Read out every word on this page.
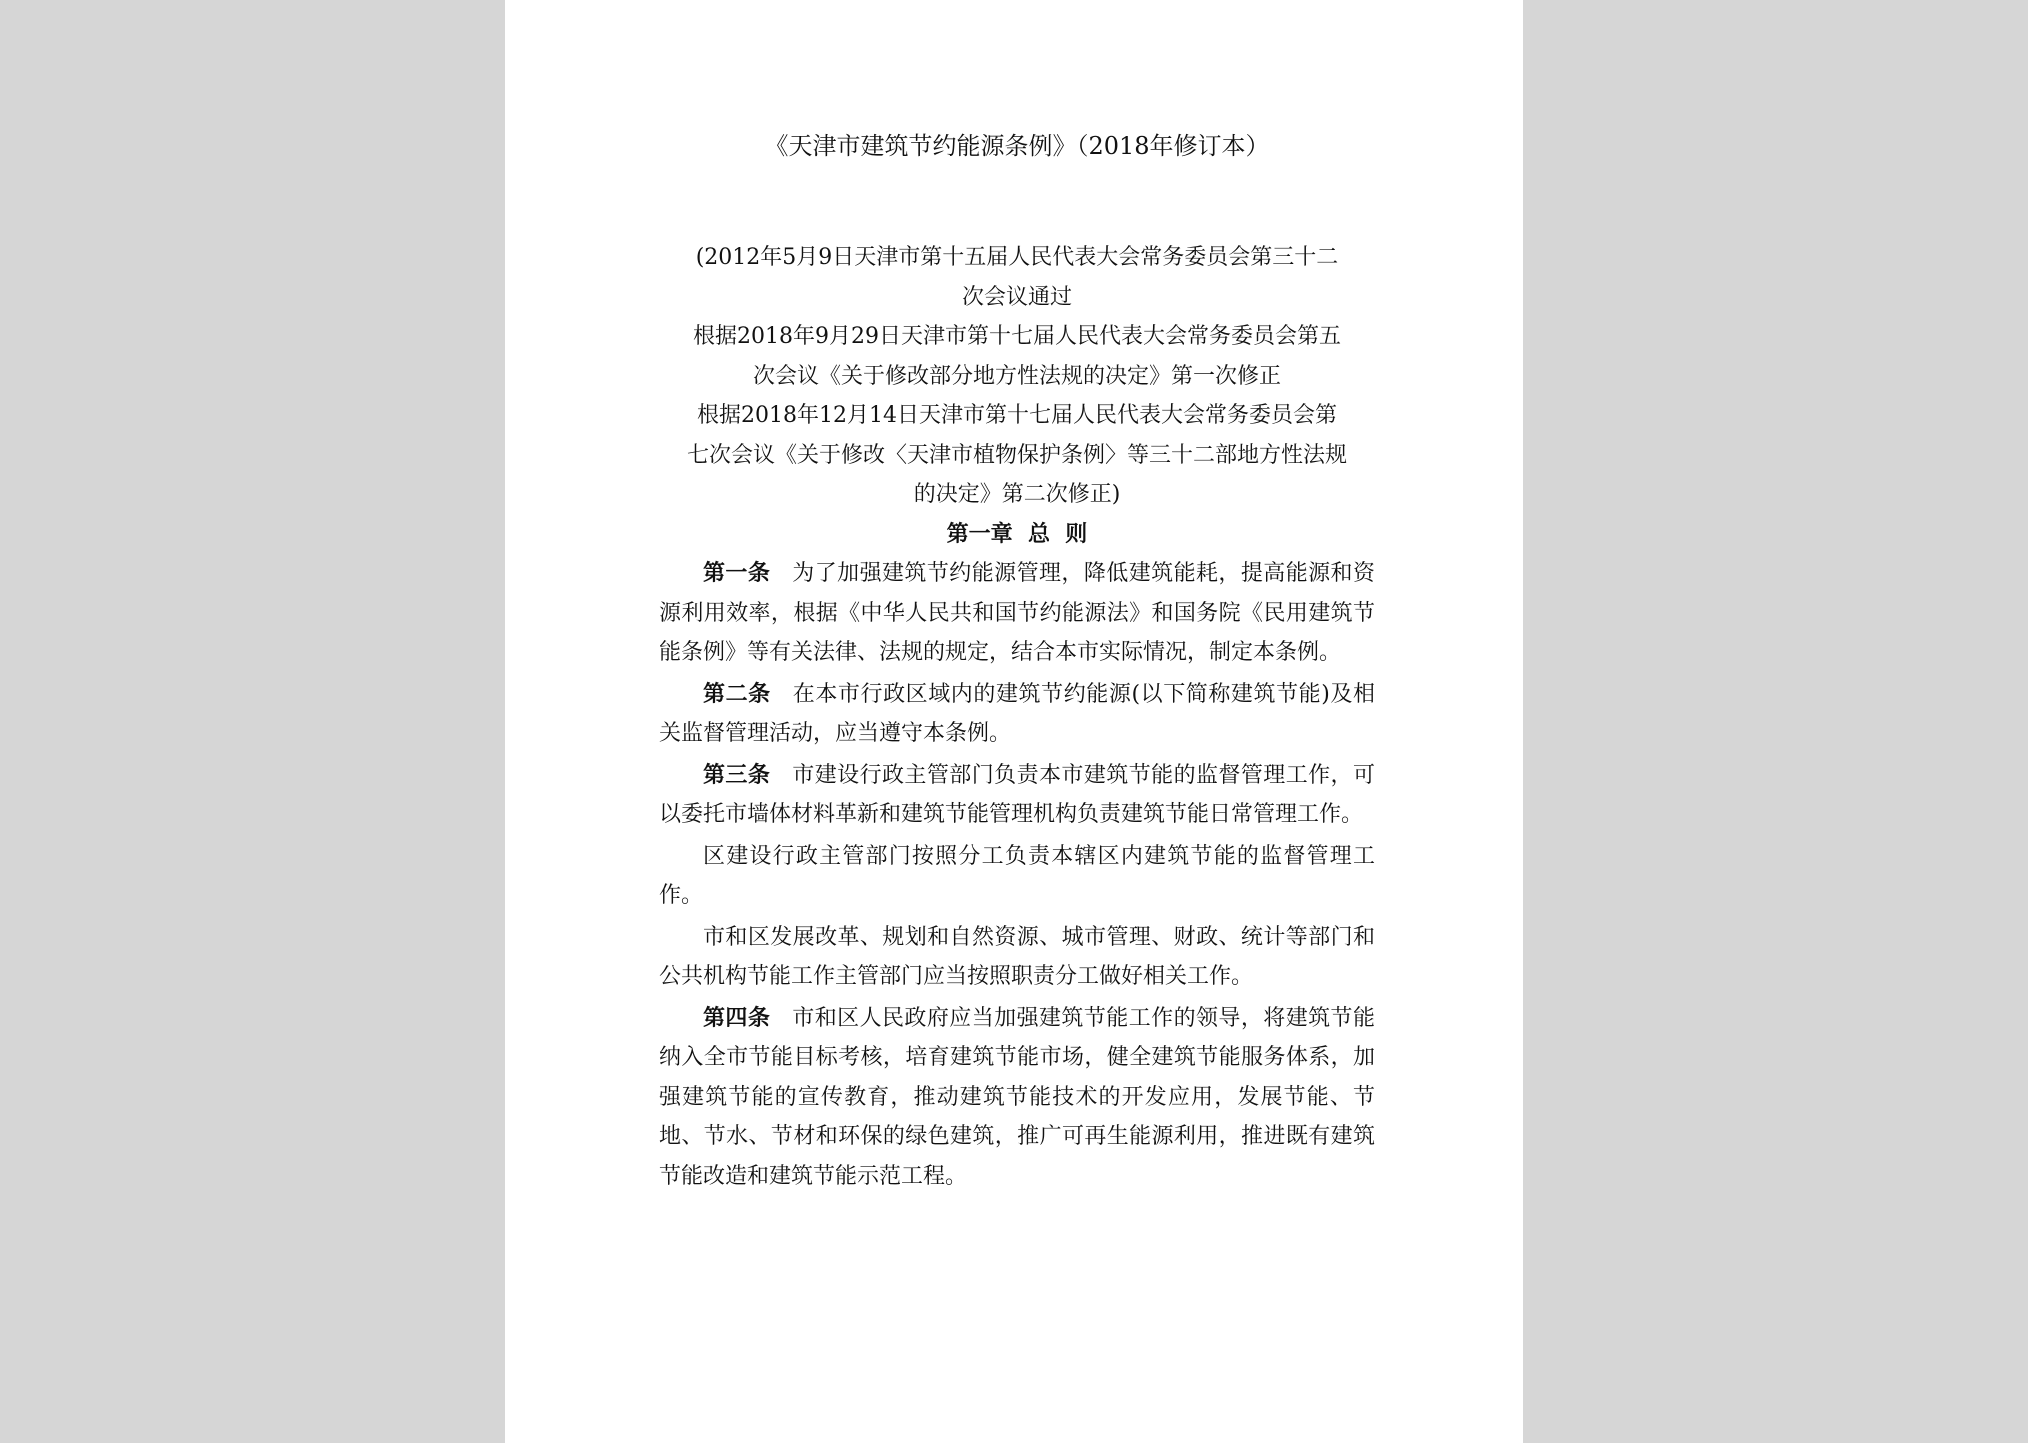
《天津市建筑节约能源条例》（2018年修订本）
(2012年5月9日天津市第十五届人民代表大会常务委员会第三十二
次会议通过
根据2018年9月29日天津市第十七届人民代表大会常务委员会第五
次会议《关于修改部分地方性法规的决定》第一次修正
根据2018年12月14日天津市第十七届人民代表大会常务委员会第
七次会议《关于修改〈天津市植物保护条例〉等三十二部地方性法规
的决定》第二次修正)
第一章  总  则

第一条 为了加强建筑节约能源管理，降低建筑能耗，提高能源和资源利用效率，根据《中华人民共和国节约能源法》和国务院《民用建筑节能条例》等有关法律、法规的规定，结合本市实际情况，制定本条例。

第二条 在本市行政区域内的建筑节约能源(以下简称建筑节能)及相关监督管理活动，应当遵守本条例。

第三条 市建设行政主管部门负责本市建筑节能的监督管理工作，可以委托市墙体材料革新和建筑节能管理机构负责建筑节能日常管理工作。

区建设行政主管部门按照分工负责本辖区内建筑节能的监督管理工作。

市和区发展改革、规划和自然资源、城市管理、财政、统计等部门和公共机构节能工作主管部门应当按照职责分工做好相关工作。

第四条 市和区人民政府应当加强建筑节能工作的领导，将建筑节能纳入全市节能目标考核，培育建筑节能市场，健全建筑节能服务体系，加强建筑节能的宣传教育，推动建筑节能技术的开发应用，发展节能、节地、节水、节材和环保的绿色建筑，推广可再生能源利用，推进既有建筑节能改造和建筑节能示范工程。
